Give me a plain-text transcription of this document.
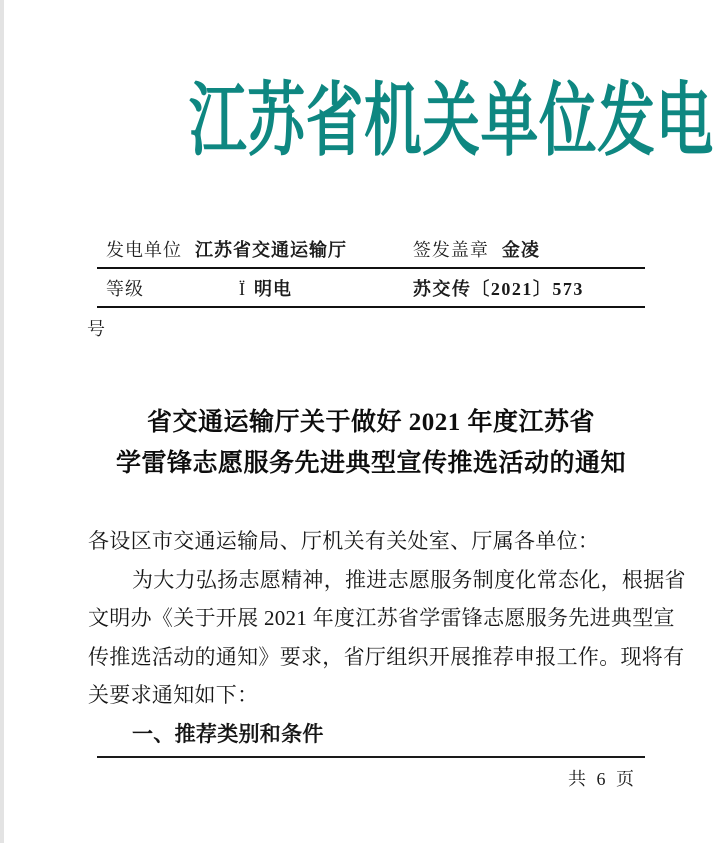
江苏省机关单位发电
发电单位 江苏省交通运输厅	签发盖章 金凌
等级	Ï 明电	苏交传〔2021〕573
号
省交通运输厅关于做好 2021 年度江苏省
学雷锋志愿服务先进典型宣传推选活动的通知
各设区市交通运输局、厅机关有关处室、厅属各单位：
为大力弘扬志愿精神，推进志愿服务制度化常态化，根据省
文明办《关于开展 2021 年度江苏省学雷锋志愿服务先进典型宣
传推选活动的通知》要求，省厅组织开展推荐申报工作。现将有
关要求通知如下：
一、推荐类别和条件
共 6 页
